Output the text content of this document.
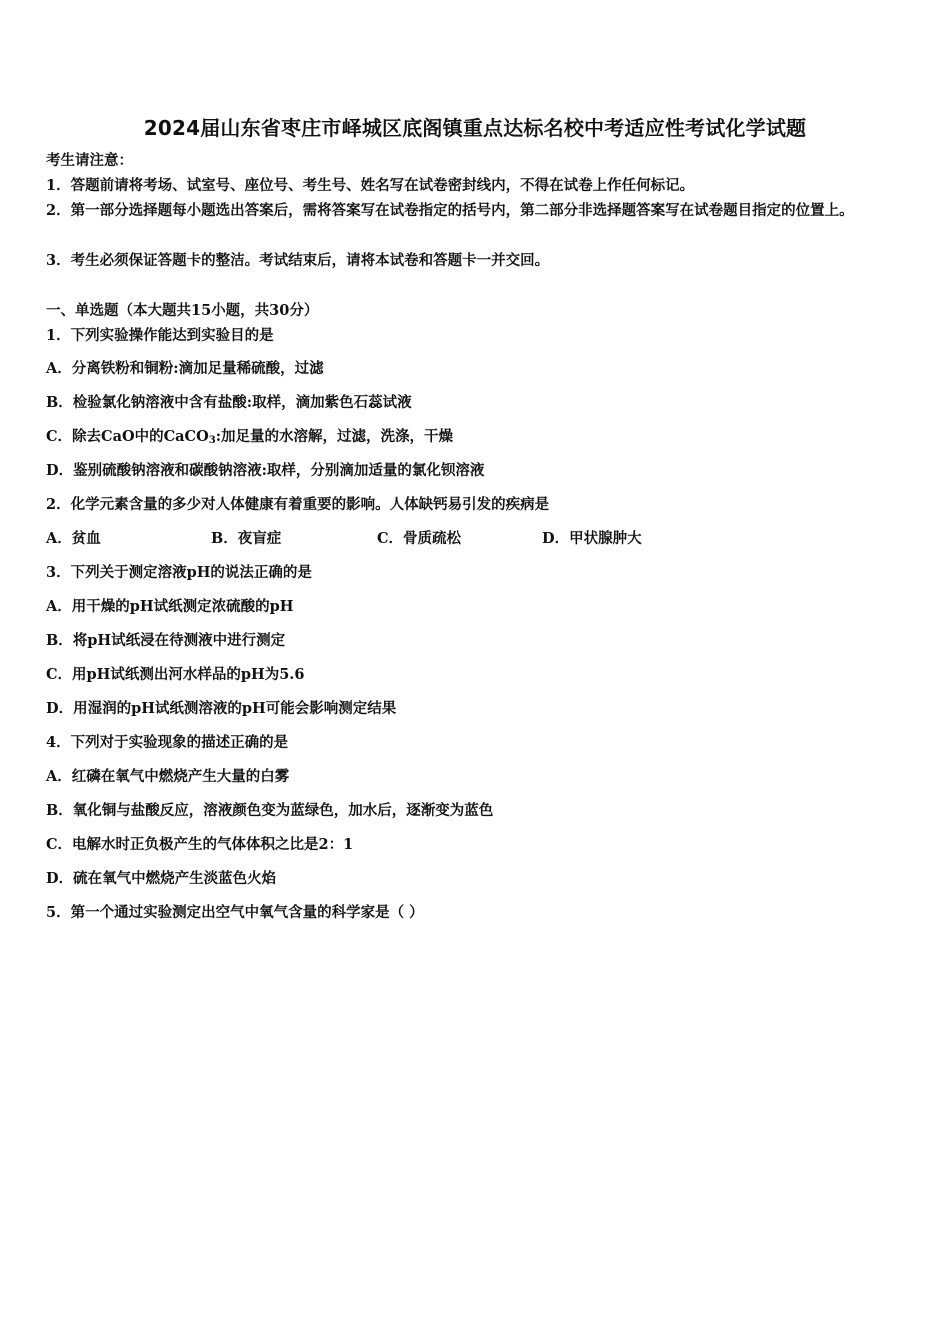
2024届山东省枣庄市峄城区底阁镇重点达标名校中考适应性考试化学试题
考生请注意：
1．答题前请将考场、试室号、座位号、考生号、姓名写在试卷密封线内，不得在试卷上作任何标记。
2．第一部分选择题每小题选出答案后，需将答案写在试卷指定的括号内，第二部分非选择题答案写在试卷题目指定的位置上。
3．考生必须保证答题卡的整洁。考试结束后，请将本试卷和答题卡一并交回。
一、单选题（本大题共15小题，共30分）
1．下列实验操作能达到实验目的是
A．分离铁粉和铜粉:滴加足量稀硫酸，过滤
B．检验氯化钠溶液中含有盐酸:取样，滴加紫色石蕊试液
C．除去CaO中的CaCO$_3$:加足量的水溶解，过滤，洗涤，干燥
D．鉴别硫酸钠溶液和碳酸钠溶液:取样，分别滴加适量的氯化钡溶液
2．化学元素含量的多少对人体健康有着重要的影响。人体缺钙易引发的疾病是
A．贫血	B．夜盲症	C．骨质疏松	D．甲状腺肿大
3．下列关于测定溶液pH的说法正确的是
A．用干燥的pH试纸测定浓硫酸的pH
B．将pH试纸浸在待测液中进行测定
C．用pH试纸测出河水样品的pH为5.6
D．用湿润的pH试纸测溶液的pH可能会影响测定结果
4．下列对于实验现象的描述正确的是
A．红磷在氧气中燃烧产生大量的白雾
B．氧化铜与盐酸反应，溶液颜色变为蓝绿色，加水后，逐渐变为蓝色
C．电解水时正负极产生的气体体积之比是2：1
D．硫在氧气中燃烧产生淡蓝色火焰
5．第一个通过实验测定出空气中氧气含量的科学家是（ ）
